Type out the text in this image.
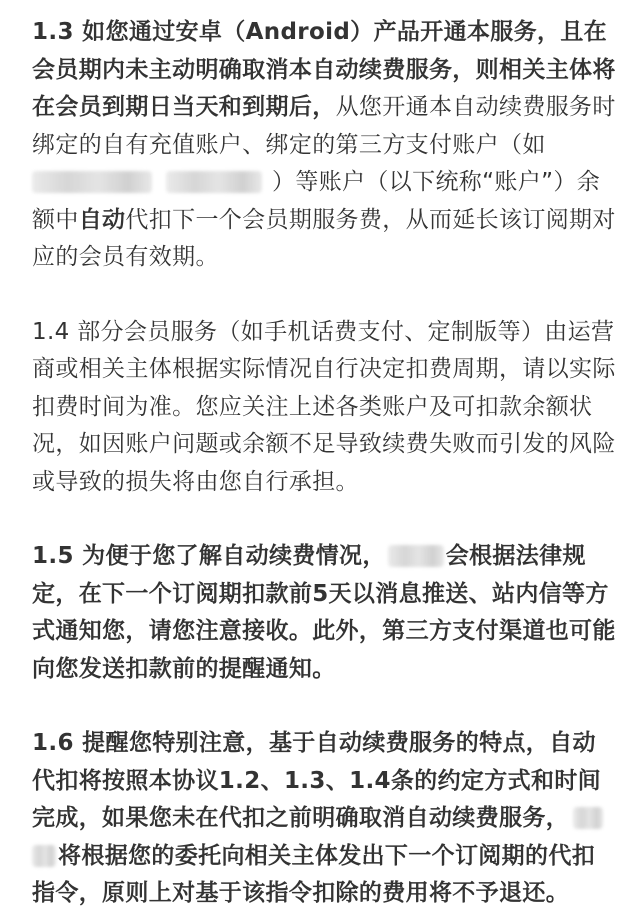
1.3 如您通过安卓（Android）产品开通本服务，且在会员期内未主动明确取消本自动续费服务，则相关主体将在会员到期日当天和到期后，从您开通本自动续费服务时绑定的自有充值账户、绑定的第三方支付账户（如）等账户（以下统称“账户”）余额中自动代扣下一个会员期服务费，从而延长该订阅期对应的会员有效期。

1.4 部分会员服务（如手机话费支付、定制版等）由运营商或相关主体根据实际情况自行决定扣费周期，请以实际扣费时间为准。您应关注上述各类账户及可扣款余额状况，如因账户问题或余额不足导致续费失败而引发的风险或导致的损失将由您自行承担。

1.5 为便于您了解自动续费情况，	会根据法律规定，在下一个订阅期扣款前5天以消息推送、站内信等方式通知您，请您注意接收。此外，第三方支付渠道也可能向您发送扣款前的提醒通知。

1.6 提醒您特别注意，基于自动续费服务的特点，自动代扣将按照本协议1.2、1.3、1.4条的约定方式和时间完成，如果您未在代扣之前明确取消自动续费服务，将根据您的委托向相关主体发出下一个订阅期的代扣指令，原则上对基于该指令扣除的费用将不予退还。
